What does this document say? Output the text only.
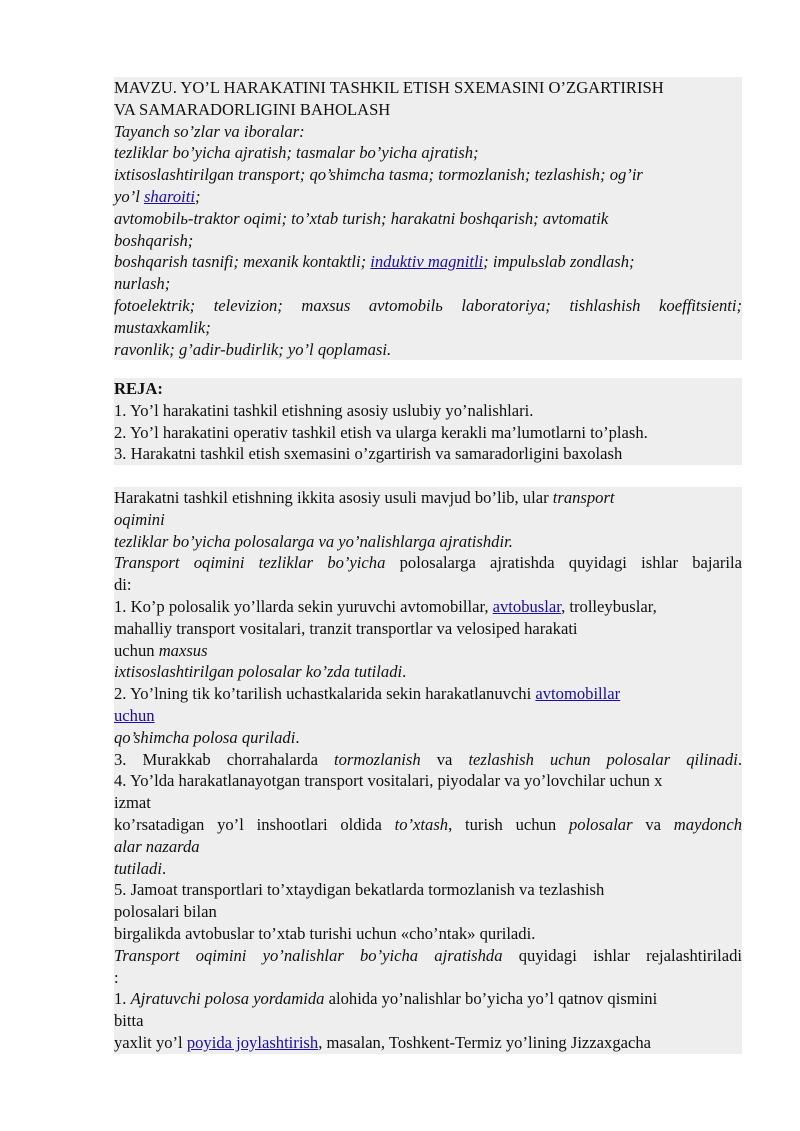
MAVZU. YO’L HARAKATINI TASHKIL ETISH SXEMASINI O’ZGARTIRISH
VA SAMARADORLIGINI BAHOLASH
Tayanch so’zlar va iboralar:
tezliklar bo’yicha ajratish; tasmalar bo’yicha ajratish;
ixtisoslashtirilgan transport; qo’shimcha tasma; tormozlanish; tezlashish; og’ir
yo’l sharoiti;
avtomobilь-traktor oqimi; to’xtab turish; harakatni boshqarish; avtomatik
boshqarish;
boshqarish tasnifi; mexanik kontaktli; induktiv magnitli; impulьslab zondlash;
nurlash;
fotoelektrik; televizion; maxsus avtomobilь laboratoriya; tishlashish koeffitsienti;
mustaxkamlik;
ravonlik; g’adir-budirlik; yo’l qoplamasi.
REJA:
1. Yo’l harakatini tashkil etishning asosiy uslubiy yo’nalishlari.
2. Yo’l harakatini operativ tashkil etish va ularga kerakli ma’lumotlarni to’plash.
3. Harakatni tashkil etish sxemasini o’zgartirish va samaradorligini baxolash
Harakatni tashkil etishning ikkita asosiy usuli mavjud bo’lib, ular transport
oqimini
tezliklar bo’yicha polosalarga va yo’nalishlarga ajratishdir.
Transport oqimini tezliklar bo’yicha polosalarga ajratishda quyidagi ishlar bajarila
di:
1. Ko’p polosalik yo’llarda sekin yuruvchi avtomobillar, avtobuslar, trolleybuslar,
mahalliy transport vositalari, tranzit transportlar va velosiped harakati
uchun maxsus
ixtisoslashtirilgan polosalar ko’zda tutiladi.
2. Yo’lning tik ko’tarilish uchastkalarida sekin harakatlanuvchi avtomobillar
uchun
qo’shimcha polosa quriladi.
3. Murakkab chorrahalarda tormozlanish va tezlashish uchun polosalar qilinadi.
4. Yo’lda harakatlanayotgan transport vositalari, piyodalar va yo’lovchilar uchun x
izmat
ko’rsatadigan yo’l inshootlari oldida to’xtash, turish uchun polosalar va maydonch
alar nazarda
tutiladi.
5. Jamoat transportlari to’xtaydigan bekatlarda tormozlanish va tezlashish
polosalari bilan
birgalikda avtobuslar to’xtab turishi uchun «cho’ntak» quriladi.
Transport oqimini yo’nalishlar bo’yicha ajratishda quyidagi ishlar rejalashtiriladi
:
1. Ajratuvchi polosa yordamida alohida yo’nalishlar bo’yicha yo’l qatnov qismini
bitta
yaxlit yo’l poyida joylashtirish, masalan, Toshkent-Termiz yo’lining Jizzaxgacha
